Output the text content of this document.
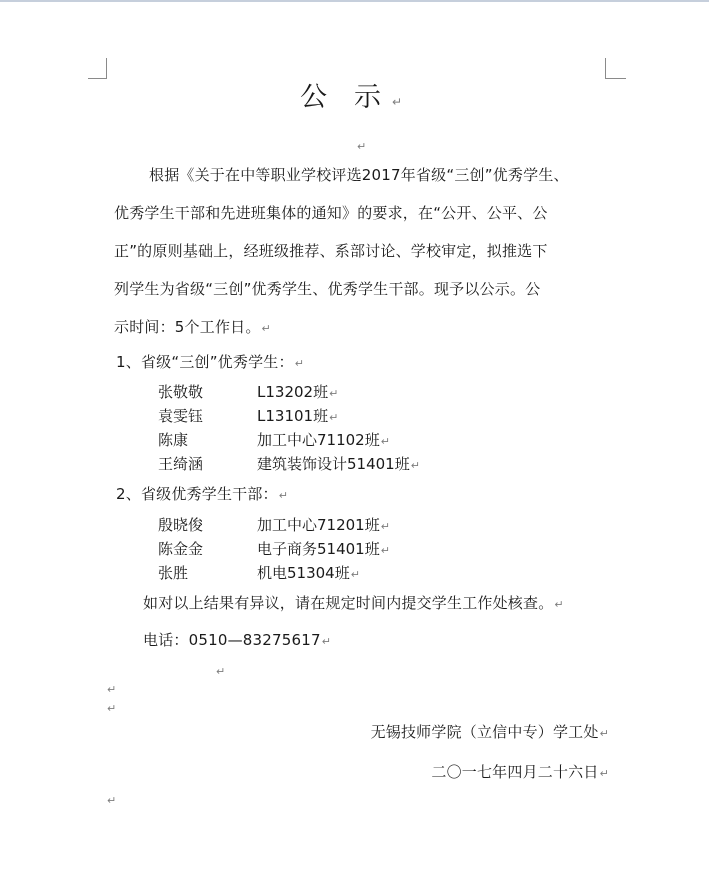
公　示 ↵
↵
根据《关于在中等职业学校评选2017年省级“三创”优秀学生、
优秀学生干部和先进班集体的通知》的要求，在“公开、公平、公
正”的原则基础上，经班级推荐、系部讨论、学校审定，拟推选下
列学生为省级“三创”优秀学生、优秀学生干部。现予以公示。公
示时间：5个工作日。↵
1、省级“三创”优秀学生：↵
张敬敬	L13202班↵
袁雯钰	L13101班↵
陈康	加工中心71102班↵
王绮涵	建筑装饰设计51401班↵
2、省级优秀学生干部：↵
殷晓俊	加工中心71201班↵
陈金金	电子商务51401班↵
张胜	机电51304班↵
如对以上结果有异议，请在规定时间内提交学生工作处核查。↵
电话：0510—83275617↵
↵
↵
↵
无锡技师学院（立信中专）学工处↵
二〇一七年四月二十六日↵
↵
